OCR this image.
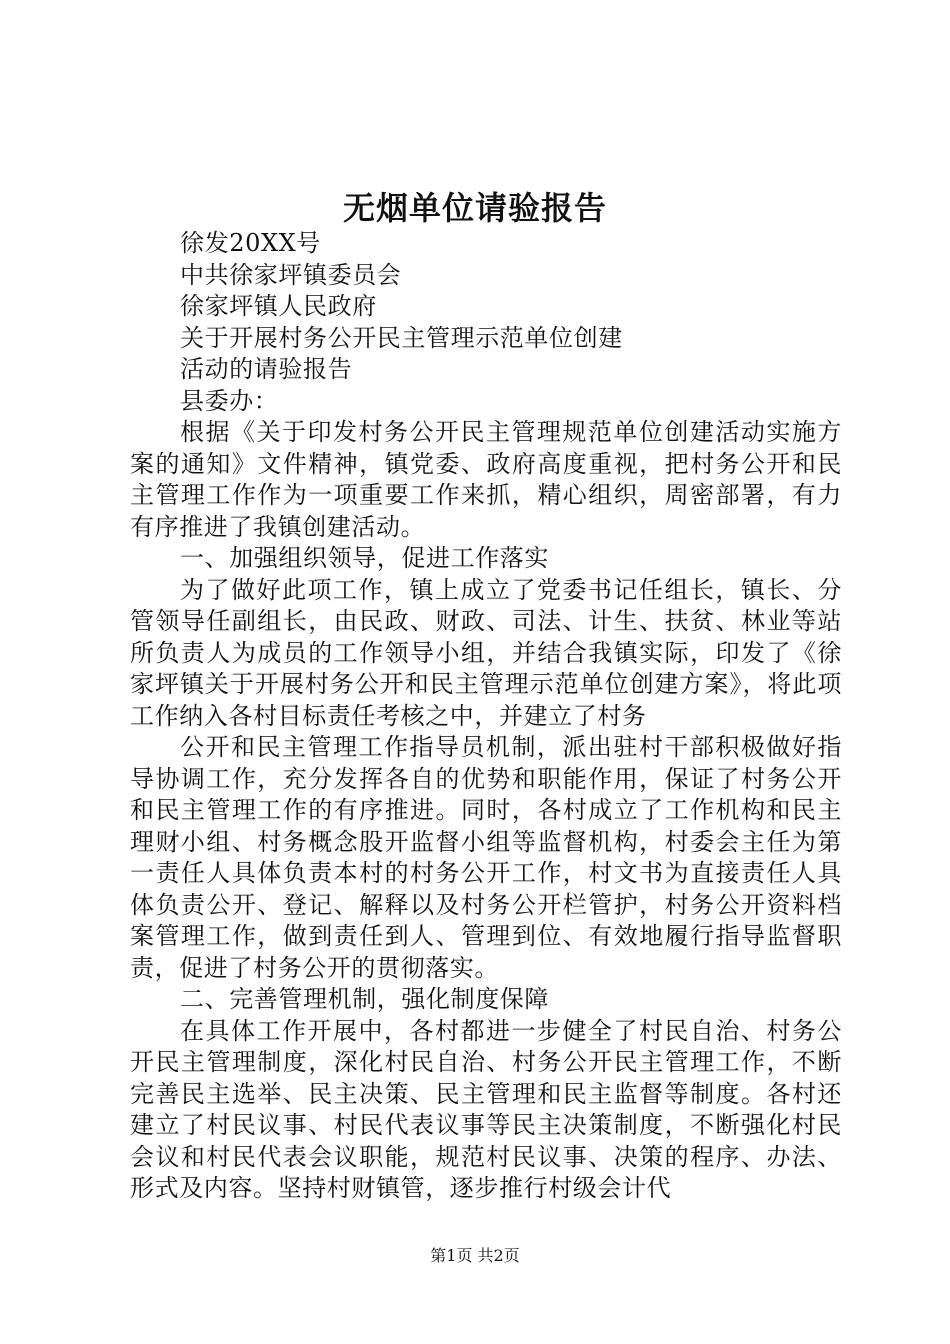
无烟单位请验报告
徐发20XX号
中共徐家坪镇委员会
徐家坪镇人民政府
关于开展村务公开民主管理示范单位创建
活动的请验报告
县委办：
根据《关于印发村务公开民主管理规范单位创建活动实施方案的通知》文件精神，镇党委、政府高度重视，把村务公开和民主管理工作作为一项重要工作来抓，精心组织，周密部署，有力有序推进了我镇创建活动。
一、加强组织领导，促进工作落实
为了做好此项工作，镇上成立了党委书记任组长，镇长、分管领导任副组长，由民政、财政、司法、计生、扶贫、林业等站所负责人为成员的工作领导小组，并结合我镇实际，印发了《徐家坪镇关于开展村务公开和民主管理示范单位创建方案》，将此项工作纳入各村目标责任考核之中，并建立了村务
公开和民主管理工作指导员机制，派出驻村干部积极做好指导协调工作，充分发挥各自的优势和职能作用，保证了村务公开和民主管理工作的有序推进。同时，各村成立了工作机构和民主理财小组、村务概念股开监督小组等监督机构，村委会主任为第一责任人具体负责本村的村务公开工作，村文书为直接责任人具体负责公开、登记、解释以及村务公开栏管护，村务公开资料档案管理工作，做到责任到人、管理到位、有效地履行指导监督职责，促进了村务公开的贯彻落实。
二、完善管理机制，强化制度保障
在具体工作开展中，各村都进一步健全了村民自治、村务公开民主管理制度，深化村民自治、村务公开民主管理工作，不断完善民主选举、民主决策、民主管理和民主监督等制度。各村还建立了村民议事、村民代表议事等民主决策制度，不断强化村民会议和村民代表会议职能，规范村民议事、决策的程序、办法、形式及内容。坚持村财镇管，逐步推行村级会计代
第1页 共2页
